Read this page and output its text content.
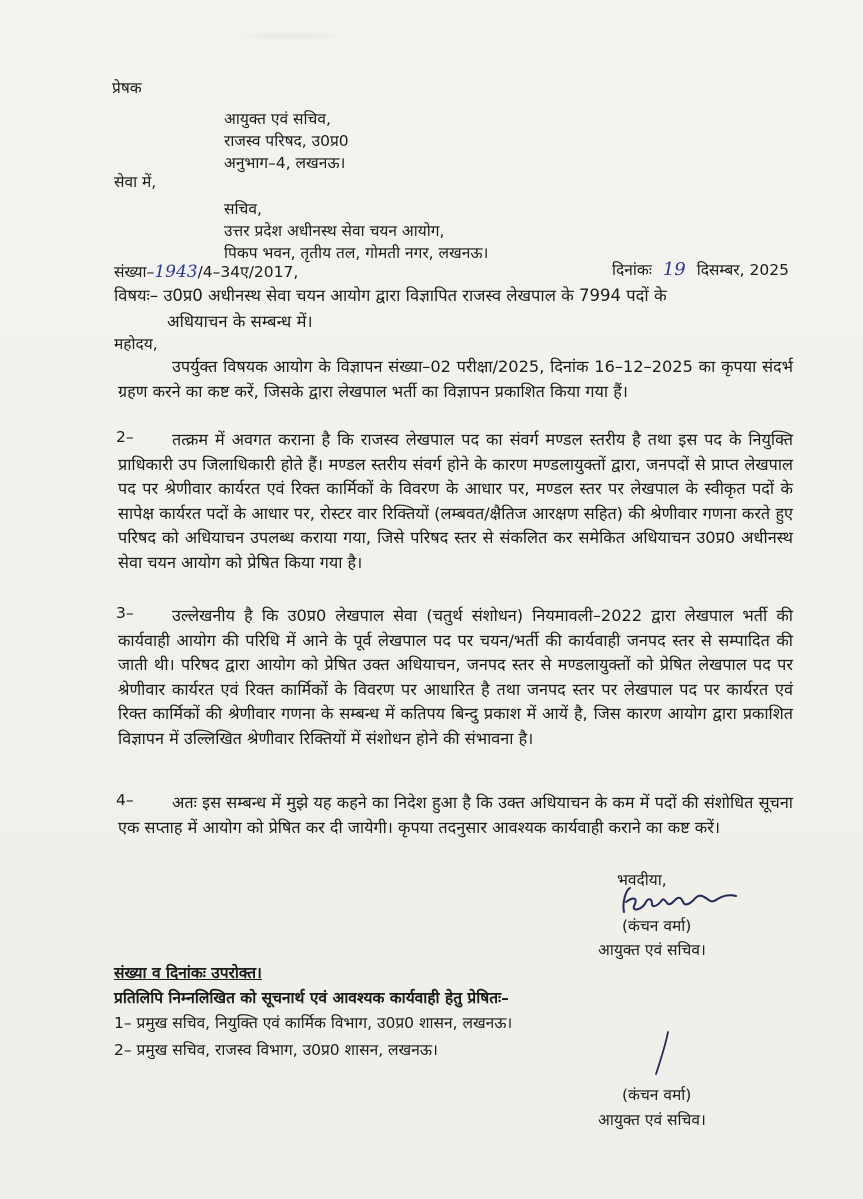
प्रेषक
आयुक्त एवं सचिव,
राजस्व परिषद, उ0प्र0
अनुभाग–4, लखनऊ।
सेवा में,
सचिव,
उत्तर प्रदेश अधीनस्थ सेवा चयन आयोग,
पिकप भवन, तृतीय तल, गोमती नगर, लखनऊ।
संख्या–1943/4–34ए/2017,	दिनांकः 19 दिसम्बर, 2025
विषयः– उ0प्र0 अधीनस्थ सेवा चयन आयोग द्वारा विज्ञापित राजस्व लेखपाल के 7994 पदों के
अधियाचन के सम्बन्ध में।
महोदय,
उपर्युक्त विषयक आयोग के विज्ञापन संख्या–02 परीक्षा/2025, दिनांक 16–12–2025 का कृपया संदर्भ ग्रहण करने का कष्ट करें, जिसके द्वारा लेखपाल भर्ती का विज्ञापन प्रकाशित किया गया हैं।
2–	तत्क्रम में अवगत कराना है कि राजस्व लेखपाल पद का संवर्ग मण्डल स्तरीय है तथा इस पद के नियुक्ति प्राधिकारी उप जिलाधिकारी होते हैं। मण्डल स्तरीय संवर्ग होने के कारण मण्डलायुक्तों द्वारा, जनपदों से प्राप्त लेखपाल पद पर श्रेणीवार कार्यरत एवं रिक्त कार्मिकों के विवरण के आधार पर, मण्डल स्तर पर लेखपाल के स्वीकृत पदों के सापेक्ष कार्यरत पदों के आधार पर, रोस्टर वार रिक्तियों (लम्बवत/क्षैतिज आरक्षण सहित) की श्रेणीवार गणना करते हुए परिषद को अधियाचन उपलब्ध कराया गया, जिसे परिषद स्तर से संकलित कर समेकित अधियाचन उ0प्र0 अधीनस्थ सेवा चयन आयोग को प्रेषित किया गया है।
3–	उल्लेखनीय है कि उ0प्र0 लेखपाल सेवा (चतुर्थ संशोधन) नियमावली–2022 द्वारा लेखपाल भर्ती की कार्यवाही आयोग की परिधि में आने के पूर्व लेखपाल पद पर चयन/भर्ती की कार्यवाही जनपद स्तर से सम्पादित की जाती थी। परिषद द्वारा आयोग को प्रेषित उक्त अधियाचन, जनपद स्तर से मण्डलायुक्तों को प्रेषित लेखपाल पद पर श्रेणीवार कार्यरत एवं रिक्त कार्मिकों के विवरण पर आधारित है तथा जनपद स्तर पर लेखपाल पद पर कार्यरत एवं रिक्त कार्मिकों की श्रेणीवार गणना के सम्बन्ध में कतिपय बिन्दु प्रकाश में आयें है, जिस कारण आयोग द्वारा प्रकाशित विज्ञापन में उल्लिखित श्रेणीवार रिक्तियों में संशोधन होने की संभावना है।
4–	अतः इस सम्बन्ध में मुझे यह कहने का निदेश हुआ है कि उक्त अधियाचन के कम में पदों की संशोधित सूचना एक सप्ताह में आयोग को प्रेषित कर दी जायेगी। कृपया तदनुसार आवश्यक कार्यवाही कराने का कष्ट करें।
भवदीया,
(कंचन वर्मा)
आयुक्त एवं सचिव।
संख्या व दिनांकः उपरोक्त।
प्रतिलिपि निम्नलिखित को सूचनार्थ एवं आवश्यक कार्यवाही हेतु प्रेषितः–
1– प्रमुख सचिव, नियुक्ति एवं कार्मिक विभाग, उ0प्र0 शासन, लखनऊ।
2– प्रमुख सचिव, राजस्व विभाग, उ0प्र0 शासन, लखनऊ।
(कंचन वर्मा)
आयुक्त एवं सचिव।
